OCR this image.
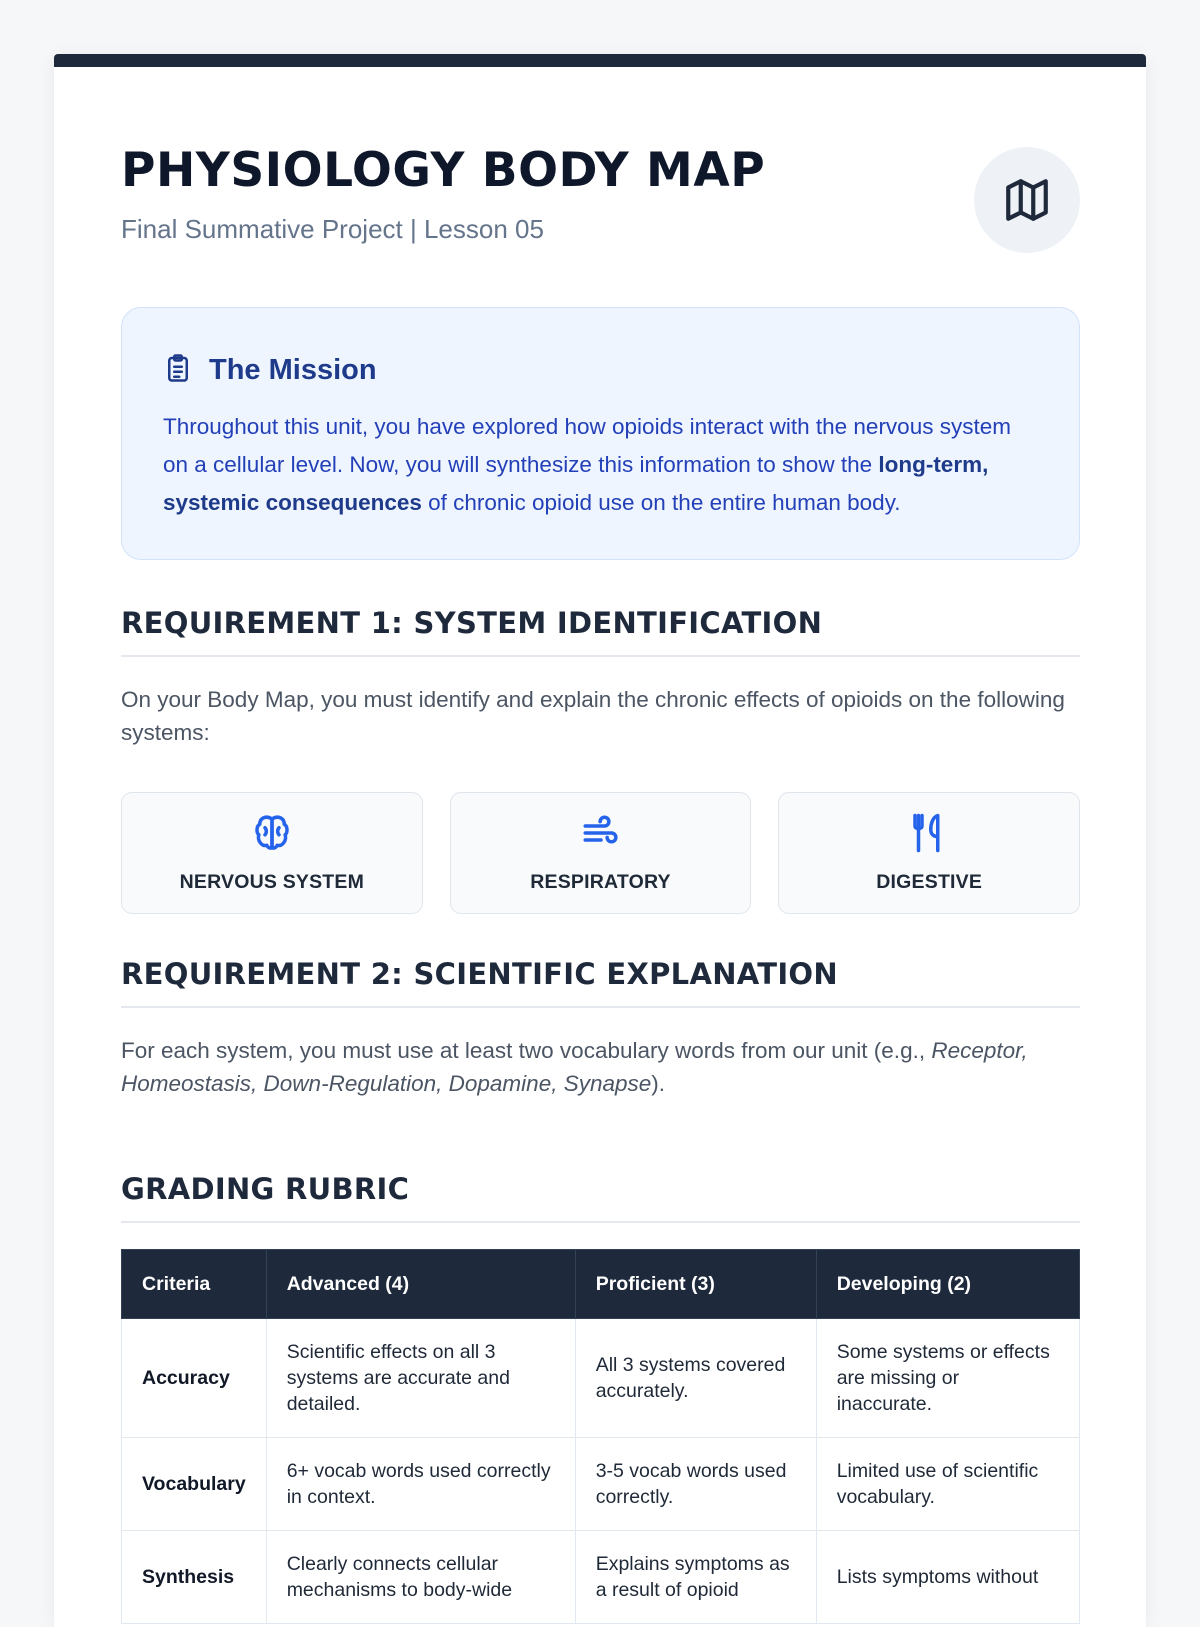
PHYSIOLOGY BODY MAP

Final Summative Project | Lesson 05

The Mission
Throughout this unit, you have explored how opioids interact with the nervous system on a cellular level. Now, you will synthesize this information to show the long-term, systemic consequences of chronic opioid use on the entire human body.
REQUIREMENT 1: SYSTEM IDENTIFICATION

On your Body Map, you must identify and explain the chronic effects of opioids on the following systems:

NERVOUS SYSTEM	RESPIRATORY	DIGESTIVE
REQUIREMENT 2: SCIENTIFIC EXPLANATION

For each system, you must use at least two vocabulary words from our unit (e.g., Receptor, Homeostasis, Down-Regulation, Dopamine, Synapse).

GRADING RUBRIC
Criteria	Advanced (4)	Proficient (3)	Developing (2)
Accuracy	Scientific effects on all 3 systems are accurate and detailed.	All 3 systems covered accurately.	Some systems or effects are missing or inaccurate.
Vocabulary	6+ vocab words used correctly in context.	3-5 vocab words used correctly.	Limited use of scientific vocabulary.
Synthesis	Clearly connects cellular mechanisms to body-wide	Explains symptoms as a result of opioid	Lists symptoms without
